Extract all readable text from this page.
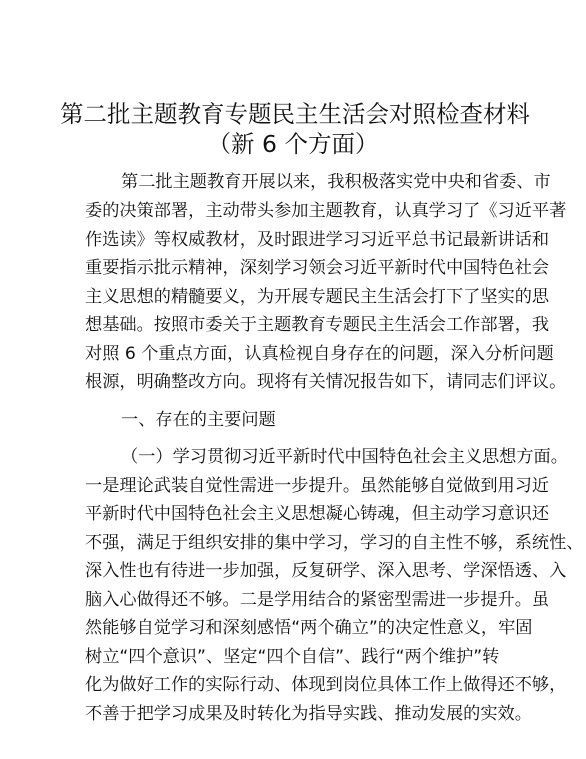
第二批主题教育专题民主生活会对照检查材料
（新 6 个方面）

第二批主题教育开展以来，我积极落实党中央和省委、市

委的决策部署，主动带头参加主题教育，认真学习了《习近平著

作选读》等权威教材，及时跟进学习习近平总书记最新讲话和

重要指示批示精神，深刻学习领会习近平新时代中国特色社会

主义思想的精髓要义，为开展专题民主生活会打下了坚实的思

想基础。按照市委关于主题教育专题民主生活会工作部署，我

对照 6 个重点方面，认真检视自身存在的问题，深入分析问题

根源，明确整改方向。现将有关情况报告如下，请同志们评议。

一、存在的主要问题

（一）学习贯彻习近平新时代中国特色社会主义思想方面。

一是理论武装自觉性需进一步提升。虽然能够自觉做到用习近

平新时代中国特色社会主义思想凝心铸魂，但主动学习意识还

不强，满足于组织安排的集中学习，学习的自主性不够，系统性、

深入性也有待进一步加强，反复研学、深入思考、学深悟透、入

脑入心做得还不够。二是学用结合的紧密型需进一步提升。虽

然能够自觉学习和深刻感悟“两个确立”的决定性意义，牢固

树立“四个意识”、坚定“四个自信”、践行“两个维护”转

化为做好工作的实际行动、体现到岗位具体工作上做得还不够，

不善于把学习成果及时转化为指导实践、推动发展的实效。
